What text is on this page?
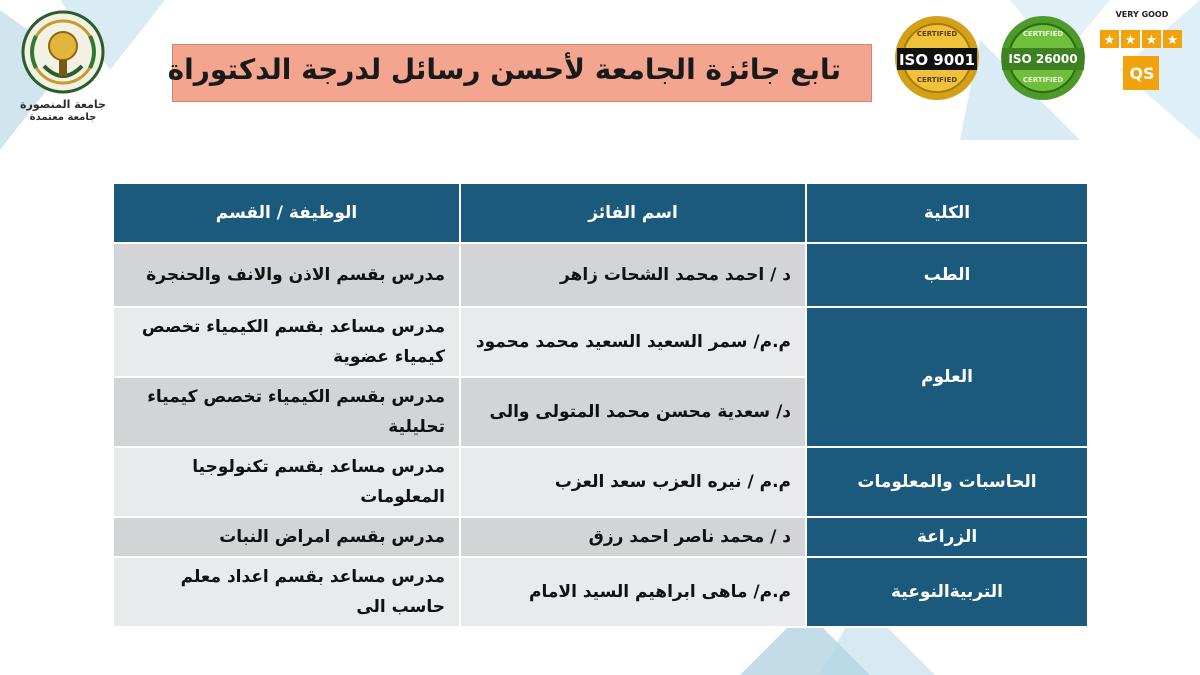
جامعة المنصورة
جامعة معتمدة
تابع جائزة الجامعة لأحسن رسائل لدرجة الدكتوراة
CERTIFIED
ISO 9001
CERTIFIED
CERTIFIED
ISO 26000
CERTIFIED
VERY GOOD
★ ★ ★ ★
QS
الكلية	اسم الفائز	الوظيفة / القسم
الطب	د / احمد محمد الشحات زاهر	مدرس بقسم الاذن والانف والحنجرة
العلوم	م.م/ سمر السعيد السعيد محمد محمود	مدرس مساعد بقسم الكيمياء تخصص كيمياء عضوية
	د/ سعدية محسن محمد المتولى والى	مدرس بقسم الكيمياء تخصص كيمياء تحليلية
الحاسبات والمعلومات	م.م / نيره العزب سعد العزب	مدرس مساعد بقسم تكنولوجيا المعلومات
الزراعة	د / محمد ناصر احمد رزق	مدرس بقسم امراض النبات
التربيةالنوعية	م.م/ ماهى ابراهيم السيد الامام	مدرس مساعد بقسم اعداد معلم حاسب الى
